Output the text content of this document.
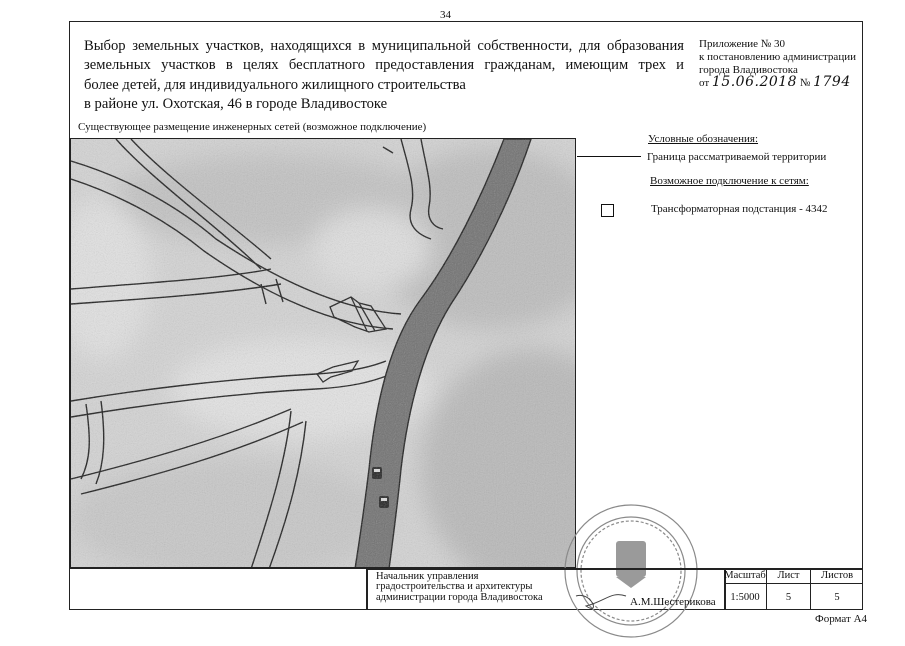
34
Выбор земельных участков, находящихся в муниципальной собственности, для образования
земельных участков в целях бесплатного предоставления гражданам, имеющим трех и
более детей, для индивидуального жилищного строительства
в районе ул. Охотская, 46 в городе Владивостоке
Приложение № 30
к постановлению администрации
города Владивостока
от 15.06.2018 № 1794
Существующее размещение инженерных сетей (возможное подключение)
Условные обозначения:
Граница рассматриваемой территории
Возможное подключение к сетям:
Трансформаторная подстанция - 4342
Начальник управления
градостроительства и архитектуры
администрации города Владивостока	А.М.Шестерикова
Масштаб	Лист	Листов
1:5000	5	5
Формат А4
